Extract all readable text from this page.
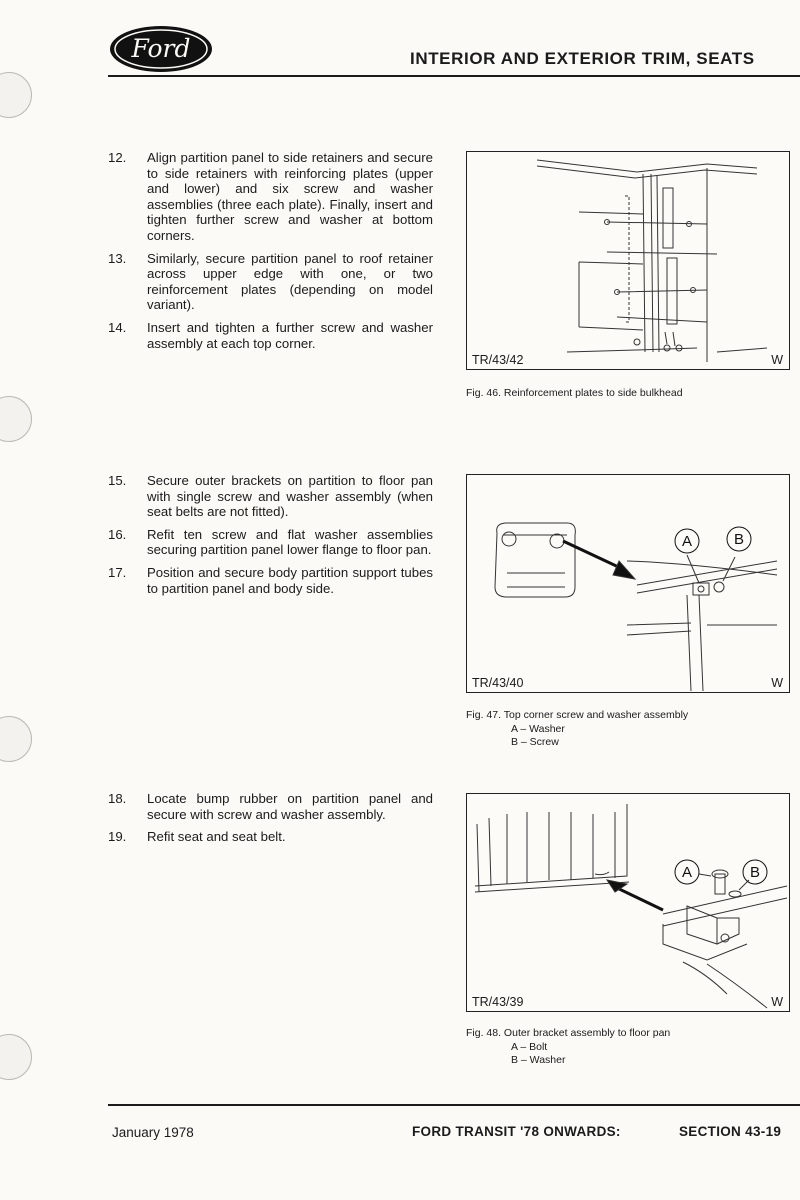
Ford	INTERIOR AND EXTERIOR TRIM, SEATS
12.	Align partition panel to side retainers and secure to side retainers with reinforcing plates (upper and lower) and six screw and washer assemblies (three each plate). Finally, insert and tighten further screw and washer at bottom corners.
13.	Similarly, secure partition panel to roof retainer across upper edge with one, or two reinforcement plates (depending on model variant).
14.	Insert and tighten a further screw and washer assembly at each top corner.
TR/43/42	W
Fig. 46. Reinforcement plates to side bulkhead
15.	Secure outer brackets on partition to floor pan with single screw and washer assembly (when seat belts are not fitted).
16.	Refit ten screw and flat washer assemblies securing partition panel lower flange to floor pan.
17.	Position and secure body partition support tubes to partition panel and body side.
A	B
TR/43/40	W
Fig. 47. Top corner screw and washer assembly
A – Washer
B – Screw
18.	Locate bump rubber on partition panel and secure with screw and washer assembly.
19.	Refit seat and seat belt.
A	B
TR/43/39	W
Fig. 48. Outer bracket assembly to floor pan
A – Bolt
B – Washer
January 1978	FORD TRANSIT '78 ONWARDS:	SECTION 43-19
